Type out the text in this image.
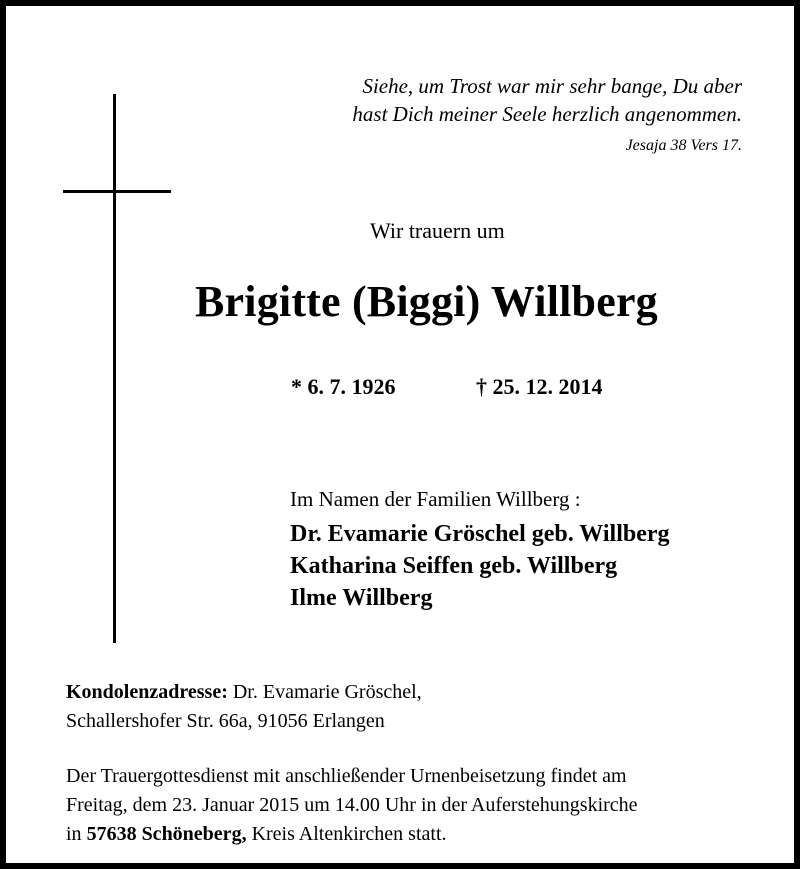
Siehe, um Trost war mir sehr bange, Du aber
hast Dich meiner Seele herzlich angenommen.
Jesaja 38 Vers 17.
Wir trauern um
Brigitte (Biggi) Willberg
* 6. 7. 1926	† 25. 12. 2014
Im Namen der Familien Willberg :
Dr. Evamarie Gröschel geb. Willberg
Katharina Seiffen geb. Willberg
Ilme Willberg
Kondolenzadresse: Dr. Evamarie Gröschel,
Schallershofer Str. 66a, 91056 Erlangen
Der Trauergottesdienst mit anschließender Urnenbeisetzung findet am
Freitag, dem 23. Januar 2015 um 14.00 Uhr in der Auferstehungskirche
in 57638 Schöneberg, Kreis Altenkirchen statt.
